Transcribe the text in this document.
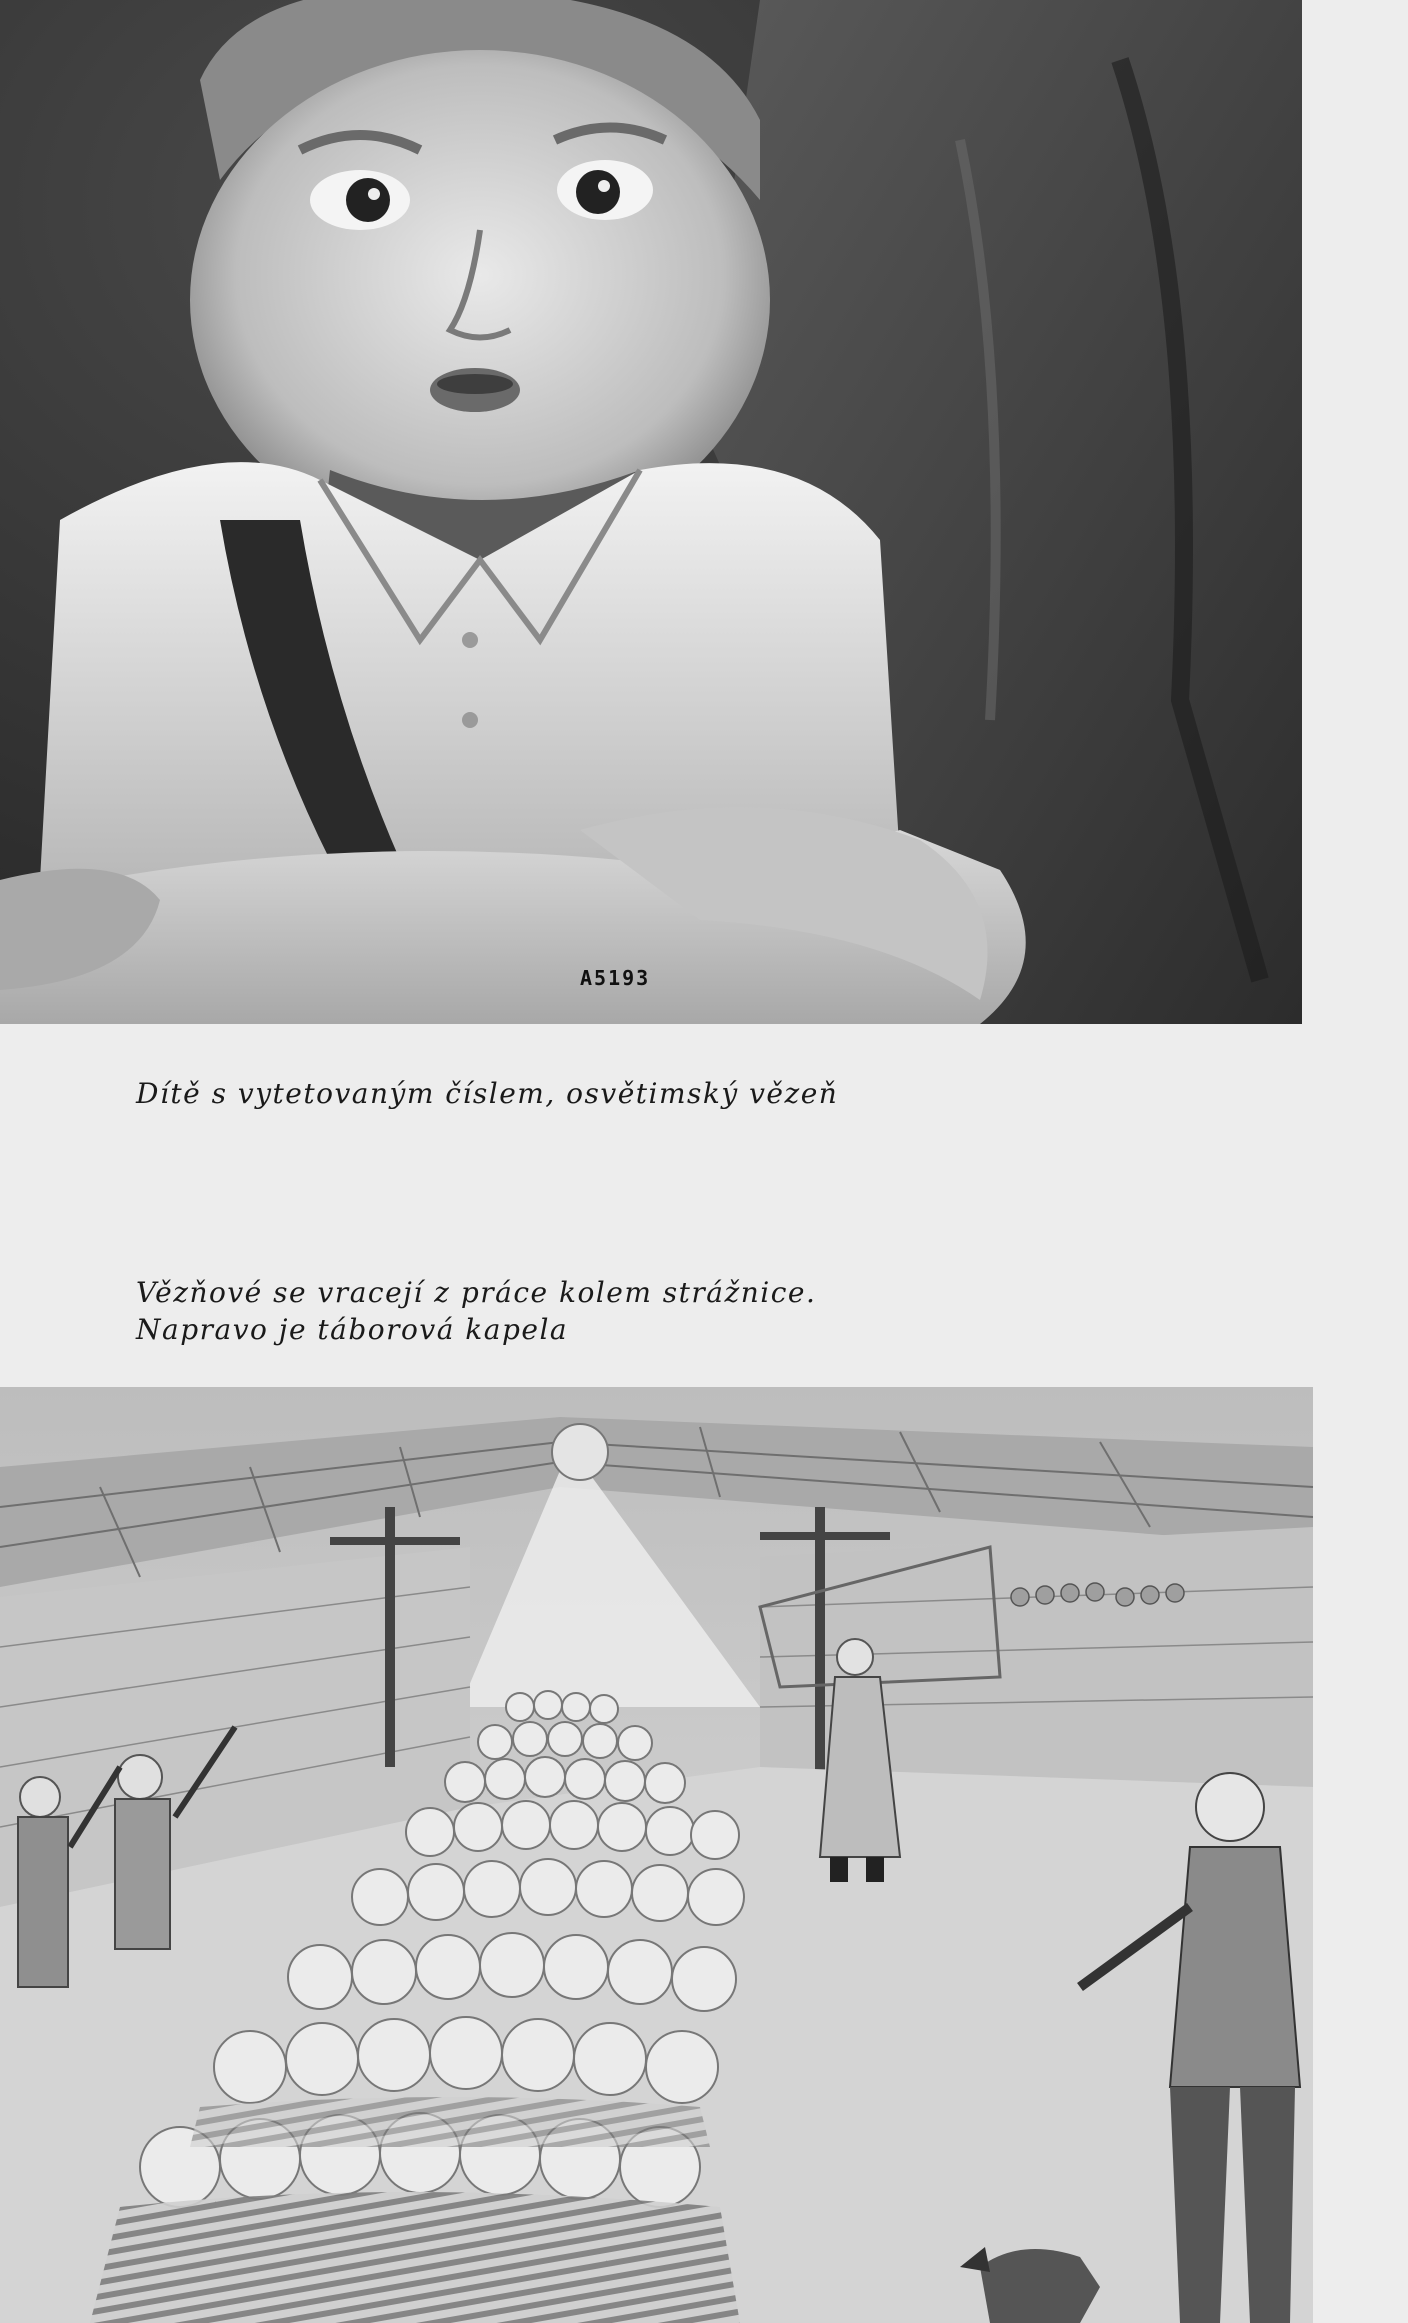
A5193
Dítě s vytetovaným číslem, osvětimský vězeň
Vězňové se vracejí z práce kolem strážnice.
Napravo je táborová kapela
